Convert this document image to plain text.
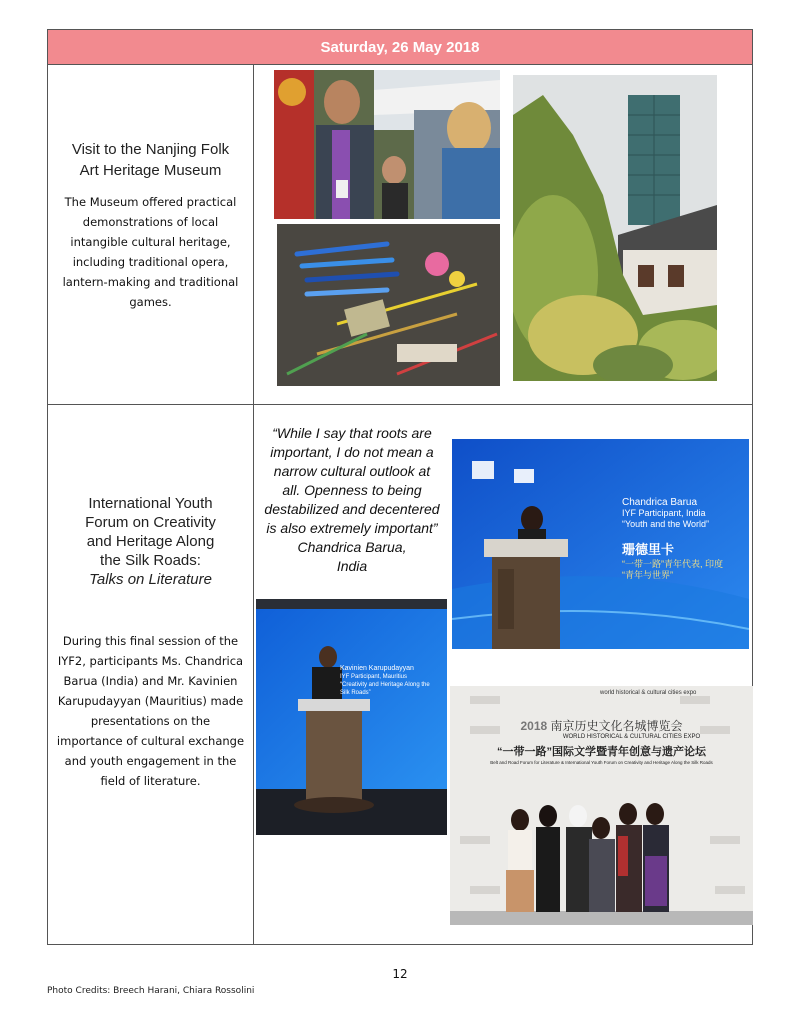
Saturday, 26 May 2018
Visit to the Nanjing Folk
Art Heritage Museum
The Museum offered practical
demonstrations of local
intangible cultural heritage,
including traditional opera,
lantern-making and traditional
games.
International Youth
Forum on Creativity
and Heritage Along
the Silk Roads:
Talks on Literature
During this final session of the
IYF2, participants Ms. Chandrica
Barua (India) and Mr. Kavinien
Karupudayyan (Mauritius) made
presentations on the
importance of cultural exchange
and youth engagement in the
field of literature.
“While I say that roots are
important, I do not mean a
narrow cultural outlook at
all. Openness to being
destabilized and decentered
is also extremely important”
Chandrica Barua,
India
Chandrica Barua
IYF Participant, India
“Youth and the World”
珊德里卡
“一带一路”青年代表, 印度
“青年与世界”
Kavinien Karupudayyan
IYF Participant, Mauritius
“Creativity and Heritage Along the Silk Roads”	world historical & cultural cities expo
2018 南京历史文化名城博览会
WORLD HISTORICAL & CULTURAL CITIES EXPO
“一带一路”国际文学暨青年创意与遗产论坛
Belt and Road Forum for Literature & International Youth Forum on Creativity and Heritage Along the Silk Roads
12
Photo Credits: Breech Harani, Chiara Rossolini
